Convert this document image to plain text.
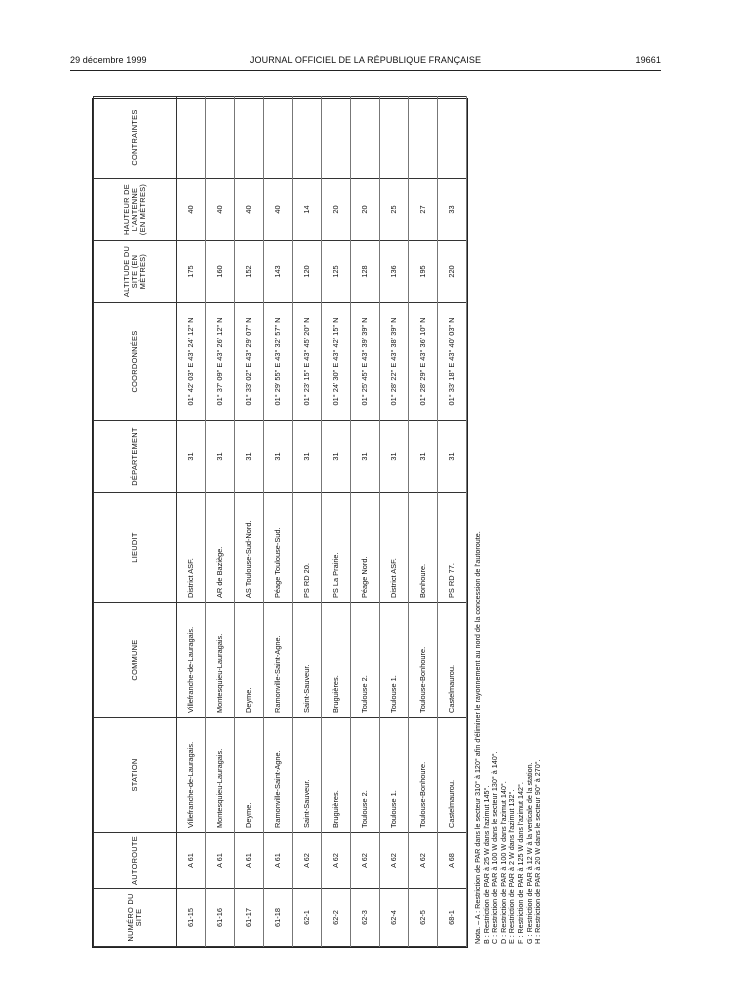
29 décembre 1999	JOURNAL OFFICIEL DE LA RÉPUBLIQUE FRANÇAISE	19661
NUMÉRO DU SITE	AUTOROUTE	STATION	COMMUNE	LIEUDIT	DÉPARTEMENT	COORDONNÉES	ALTITUDE DU SITE (EN MÈTRES)	HAUTEUR DE L'ANTENNE (EN MÈTRES)	CONTRAINTES
61-15	A 61	Villefranche-de-Lauragais.	Villefranche-de-Lauragais.	District ASF.	31	01° 42' 03" E 43° 24' 12" N	175	40	
61-16	A 61	Montesquieu-Lauragais.	Montesquieu-Lauragais.	AR de Baziège.	31	01° 37' 09" E 43° 26' 12" N	160	40	
61-17	A 61	Deyme.	Deyme.	AS Toulouse-Sud-Nord.	31	01° 33' 02" E 43° 29' 07" N	152	40	
61-18	A 61	Ramonville-Saint-Agne.	Ramonville-Saint-Agne.	Péage Toulouse-Sud.	31	01° 29' 55" E 43° 32' 57" N	143	40	
62-1	A 62	Saint-Sauveur.	Saint-Sauveur.	PS RD 20.	31	01° 23' 15" E 43° 45' 20" N	120	14	
62-2	A 62	Bruguières.	Bruguières.	PS La Prairie.	31	01° 24' 30" E 43° 42' 15" N	125	20	
62-3	A 62	Toulouse 2.	Toulouse 2.	Péage Nord.	31	01° 25' 45" E 43° 39' 39" N	128	20	
62-4	A 62	Toulouse 1.	Toulouse 1.	District ASF.	31	01° 28' 22" E 43° 38' 39" N	136	25	
62-5	A 62	Toulouse-Bonhoure.	Toulouse-Bonhoure.	Bonhoure.	31	01° 28' 29" E 43° 36' 10" N	195	27	
68-1	A 68	Castelmaurou.	Castelmaurou.	PS RD 77.	31	01° 33' 18" E 43° 40' 03" N	220	33	
Nota. – A : Restriction de PAR dans le secteur 310° à 120° afin d'éliminer le rayonnement au nord de la concession de l'autoroute. B : Restriction de PAR à 25 W dans l'azimut 145°. C : Restriction de PAR à 100 W dans le secteur 130° à 140°. D : Restriction de PAR à 100 W dans l'azimut 140°. E : Restriction de PAR à 2 W dans l'azimut 132°. F : Restriction de PAR à 125 W dans l'azimut 142°. G : Restriction de PAR à 12 W à la verticale de la station. H : Restriction de PAR à 20 W dans le secteur 90° à 270°.
